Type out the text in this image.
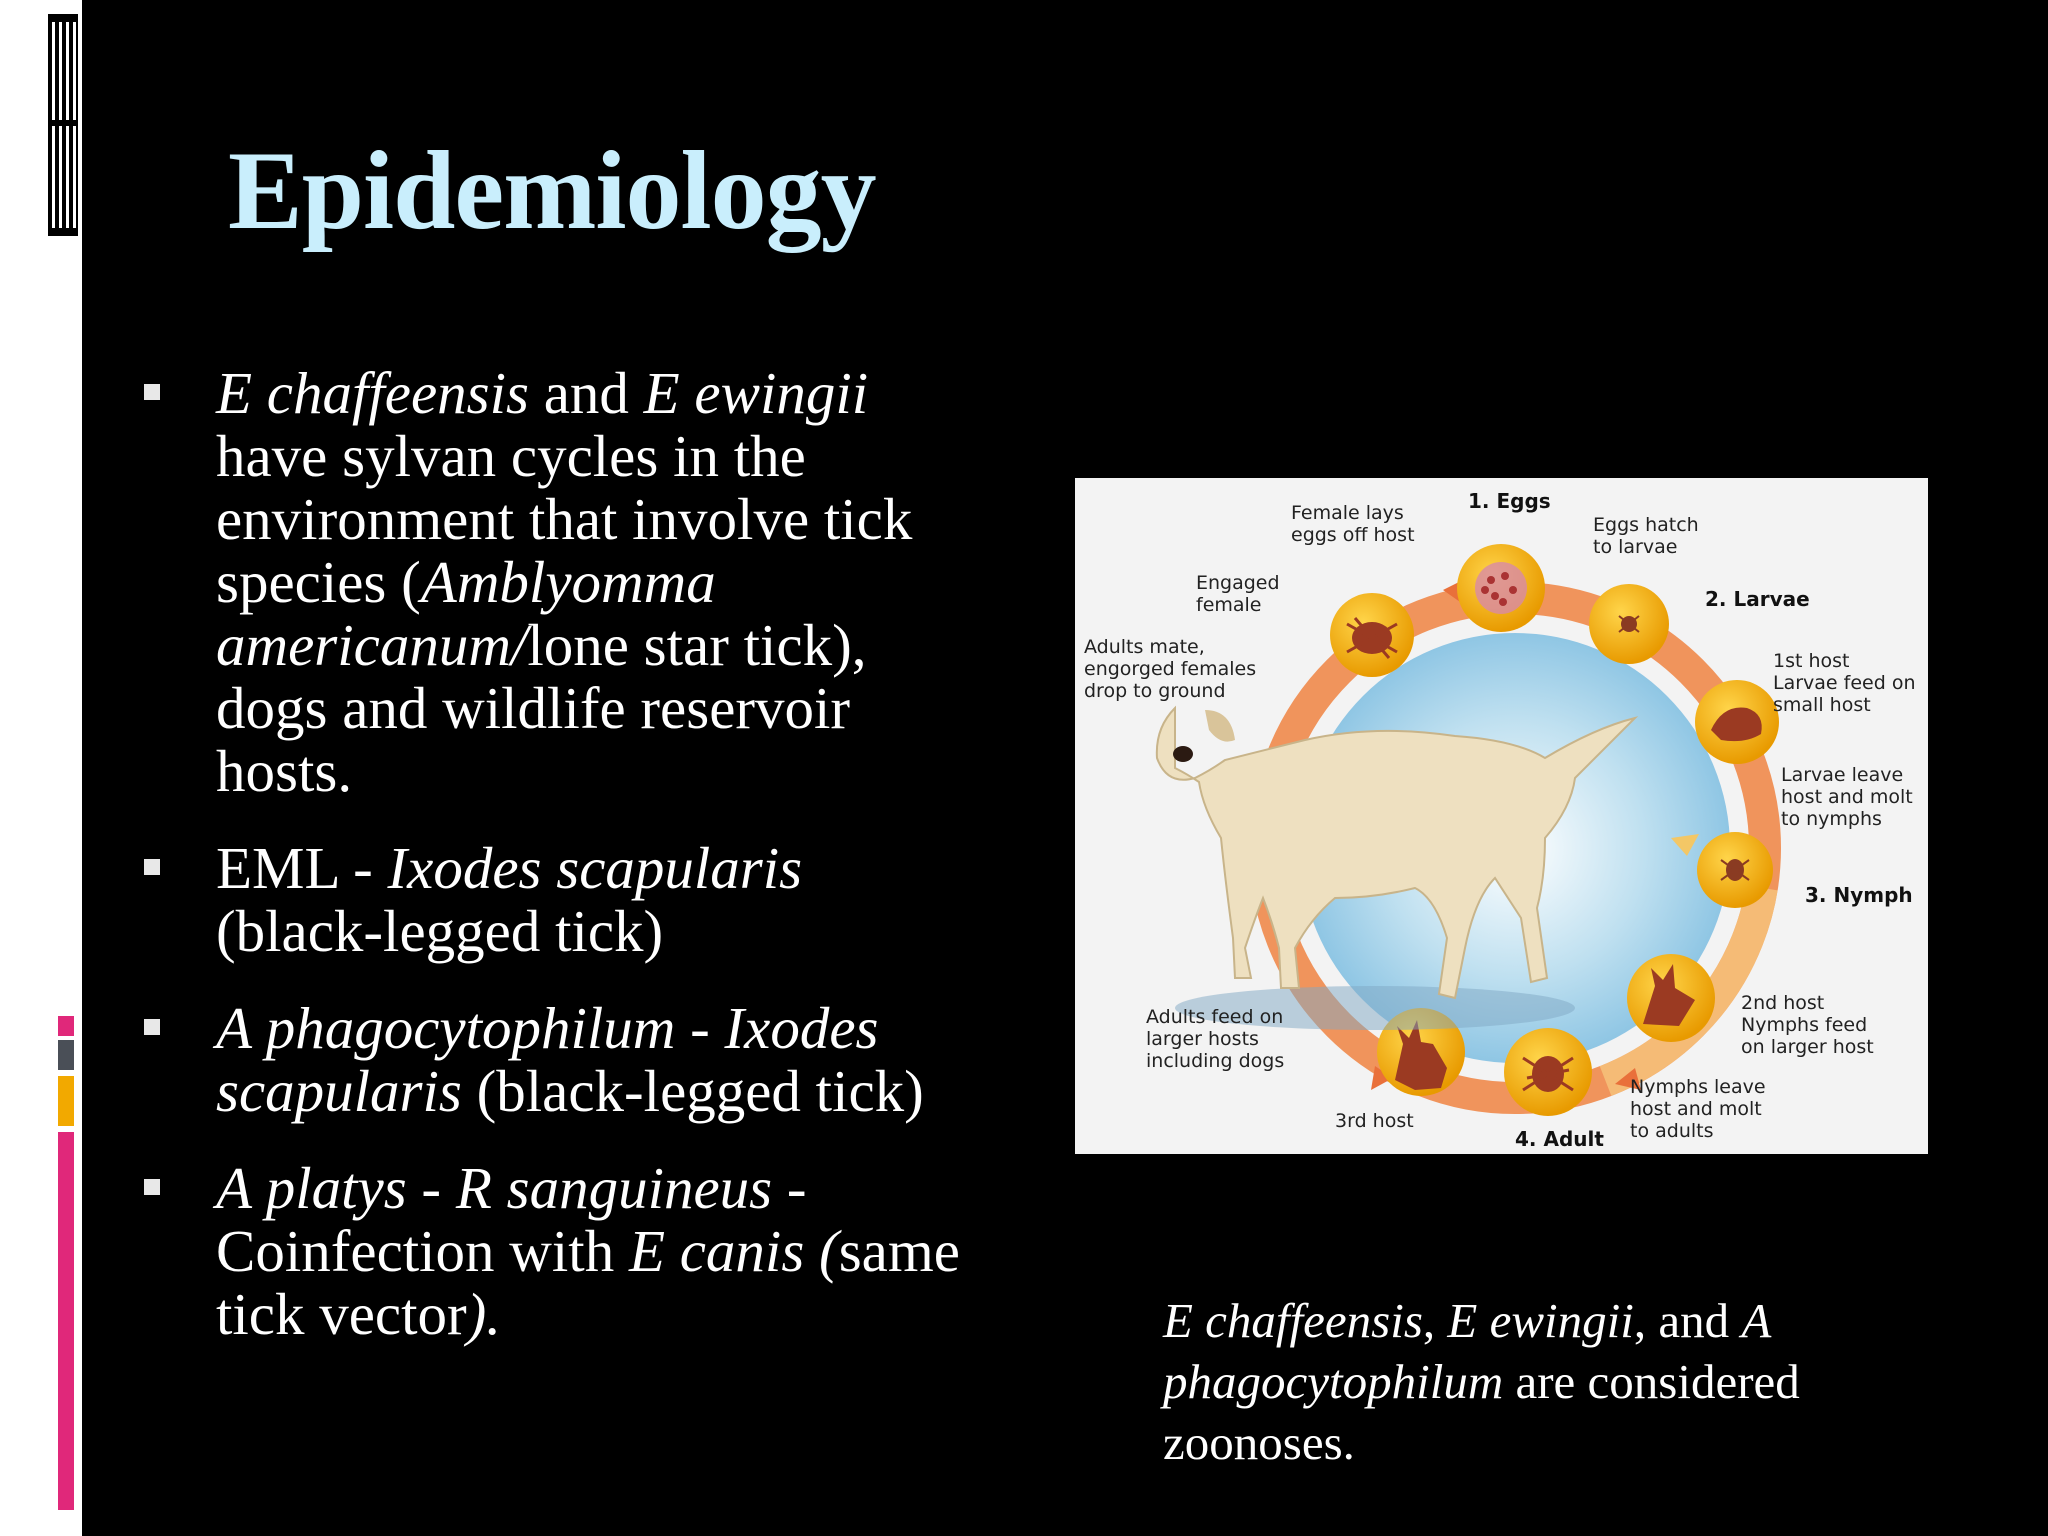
Epidemiology
E chaffeensis and E ewingii have sylvan cycles in the environment that involve tick species (Amblyomma americanum/lone star tick), dogs and wildlife reservoir hosts.
EML - Ixodes scapularis (black-legged tick)
A phagocytophilum - Ixodes scapularis (black-legged tick)
A platys - R sanguineus - Coinfection with E canis (same tick vector).
1. Eggs
Female lays
eggs off host	Eggs hatch
to larvae
2. Larvae
Engaged
female
Adults mate,
engorged females
drop to ground
1st host
Larvae feed on
small host
Larvae leave
host and molt
to nymphs
3. Nymph
2nd host
Nymphs feed
on larger host
Adults feed on
larger hosts
including dogs
Nymphs leave
host and molt
to adults
3rd host
4. Adult

E chaffeensis, E ewingii, and A phagocytophilum are considered zoonoses.
